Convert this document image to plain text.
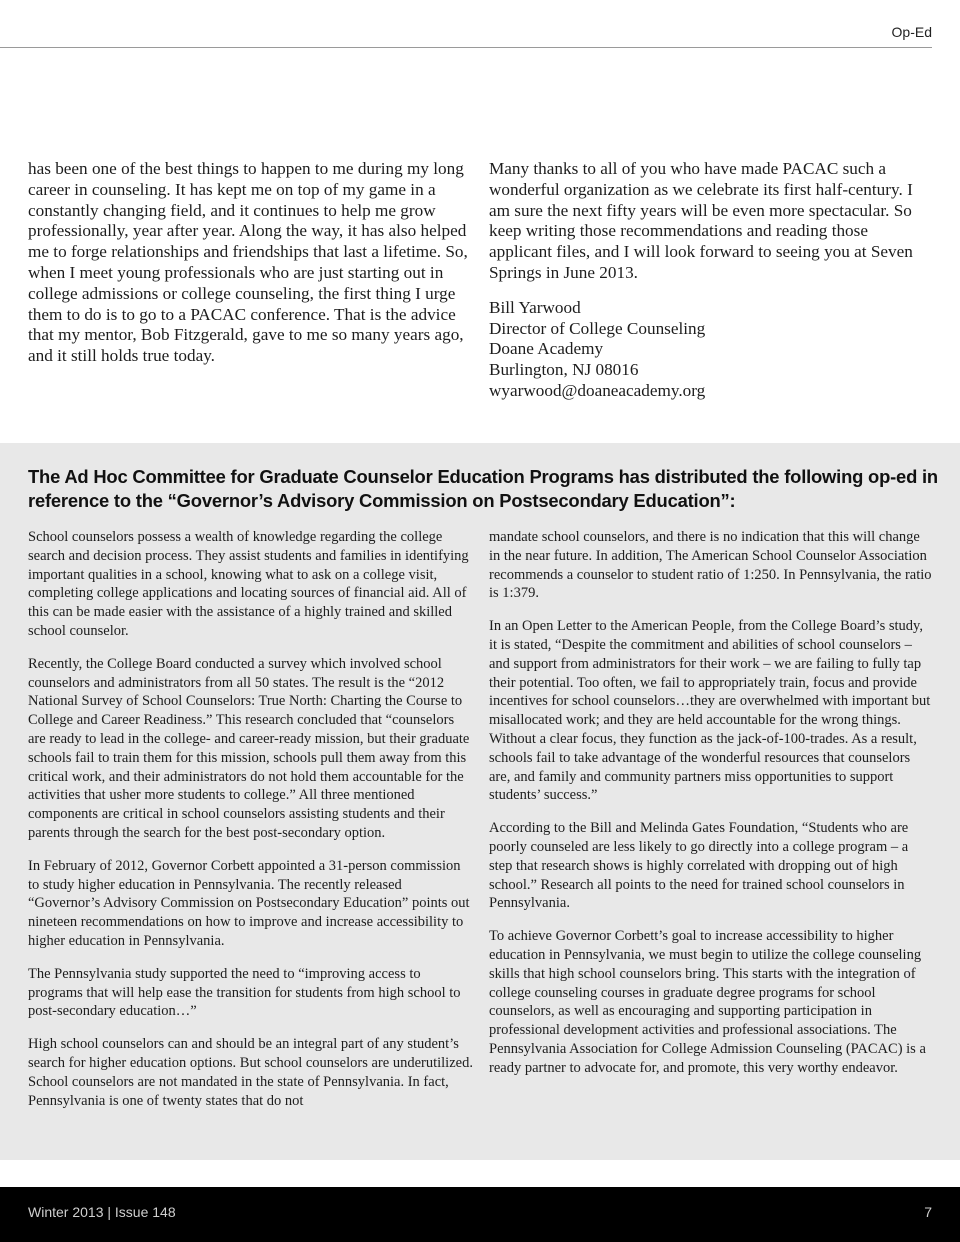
Op-Ed

has been one of the best things to happen to me during my long career in counseling. It has kept me on top of my game in a constantly changing field, and it continues to help me grow professionally, year after year. Along the way, it has also helped me to forge relationships and friendships that last a lifetime. So, when I meet young professionals who are just starting out in college admissions or college counseling, the first thing I urge them to do is to go to a PACAC conference. That is the advice that my mentor, Bob Fitzgerald, gave to me so many years ago, and it still holds true today.

Many thanks to all of you who have made PACAC such a wonderful organization as we celebrate its first half-century. I am sure the next fifty years will be even more spectacular. So keep writing those recommendations and reading those applicant files, and I will look forward to seeing you at Seven Springs in June 2013.

Bill Yarwood
Director of College Counseling
Doane Academy
Burlington, NJ 08016
wyarwood@doaneacademy.org
The Ad Hoc Committee for Graduate Counselor Education Programs has distributed the following op-ed in reference to the “Governor’s Advisory Commission on Postsecondary Education”:

School counselors possess a wealth of knowledge regarding the college search and decision process. They assist students and families in identifying important qualities in a school, knowing what to ask on a college visit, completing college applications and locating sources of financial aid. All of this can be made easier with the assistance of a highly trained and skilled school counselor.

Recently, the College Board conducted a survey which involved school counselors and administrators from all 50 states. The result is the “2012 National Survey of School Counselors: True North: Charting the Course to College and Career Readiness.” This research concluded that “counselors are ready to lead in the college- and career-ready mission, but their graduate schools fail to train them for this mission, schools pull them away from this critical work, and their administrators do not hold them accountable for the activities that usher more students to college.” All three mentioned components are critical in school counselors assisting students and their parents through the search for the best post-secondary option.

In February of 2012, Governor Corbett appointed a 31-person commission to study higher education in Pennsylvania. The recently released “Governor’s Advisory Commission on Postsecondary Education” points out nineteen recommendations on how to improve and increase accessibility to higher education in Pennsylvania.

The Pennsylvania study supported the need to “improving access to programs that will help ease the transition for students from high school to post-secondary education…”

High school counselors can and should be an integral part of any student’s search for higher education options. But school counselors are underutilized. School counselors are not mandated in the state of Pennsylvania. In fact, Pennsylvania is one of twenty states that do not

mandate school counselors, and there is no indication that this will change in the near future. In addition, The American School Counselor Association recommends a counselor to student ratio of 1:250. In Pennsylvania, the ratio is 1:379.

In an Open Letter to the American People, from the College Board’s study, it is stated, “Despite the commitment and abilities of school counselors – and support from administrators for their work – we are failing to fully tap their potential. Too often, we fail to appropriately train, focus and provide incentives for school counselors…they are overwhelmed with important but misallocated work; and they are held accountable for the wrong things. Without a clear focus, they function as the jack-of-100-trades. As a result, schools fail to take advantage of the wonderful resources that counselors are, and family and community partners miss opportunities to support students’ success.”

According to the Bill and Melinda Gates Foundation, “Students who are poorly counseled are less likely to go directly into a college program – a step that research shows is highly correlated with dropping out of high school.” Research all points to the need for trained school counselors in Pennsylvania.

To achieve Governor Corbett’s goal to increase accessibility to higher education in Pennsylvania, we must begin to utilize the college counseling skills that high school counselors bring. This starts with the integration of college counseling courses in graduate degree programs for school counselors, as well as encouraging and supporting participation in professional development activities and professional associations. The Pennsylvania Association for College Admission Counseling (PACAC) is a ready partner to advocate for, and promote, this very worthy endeavor.

Winter 2013 | Issue 148	7
